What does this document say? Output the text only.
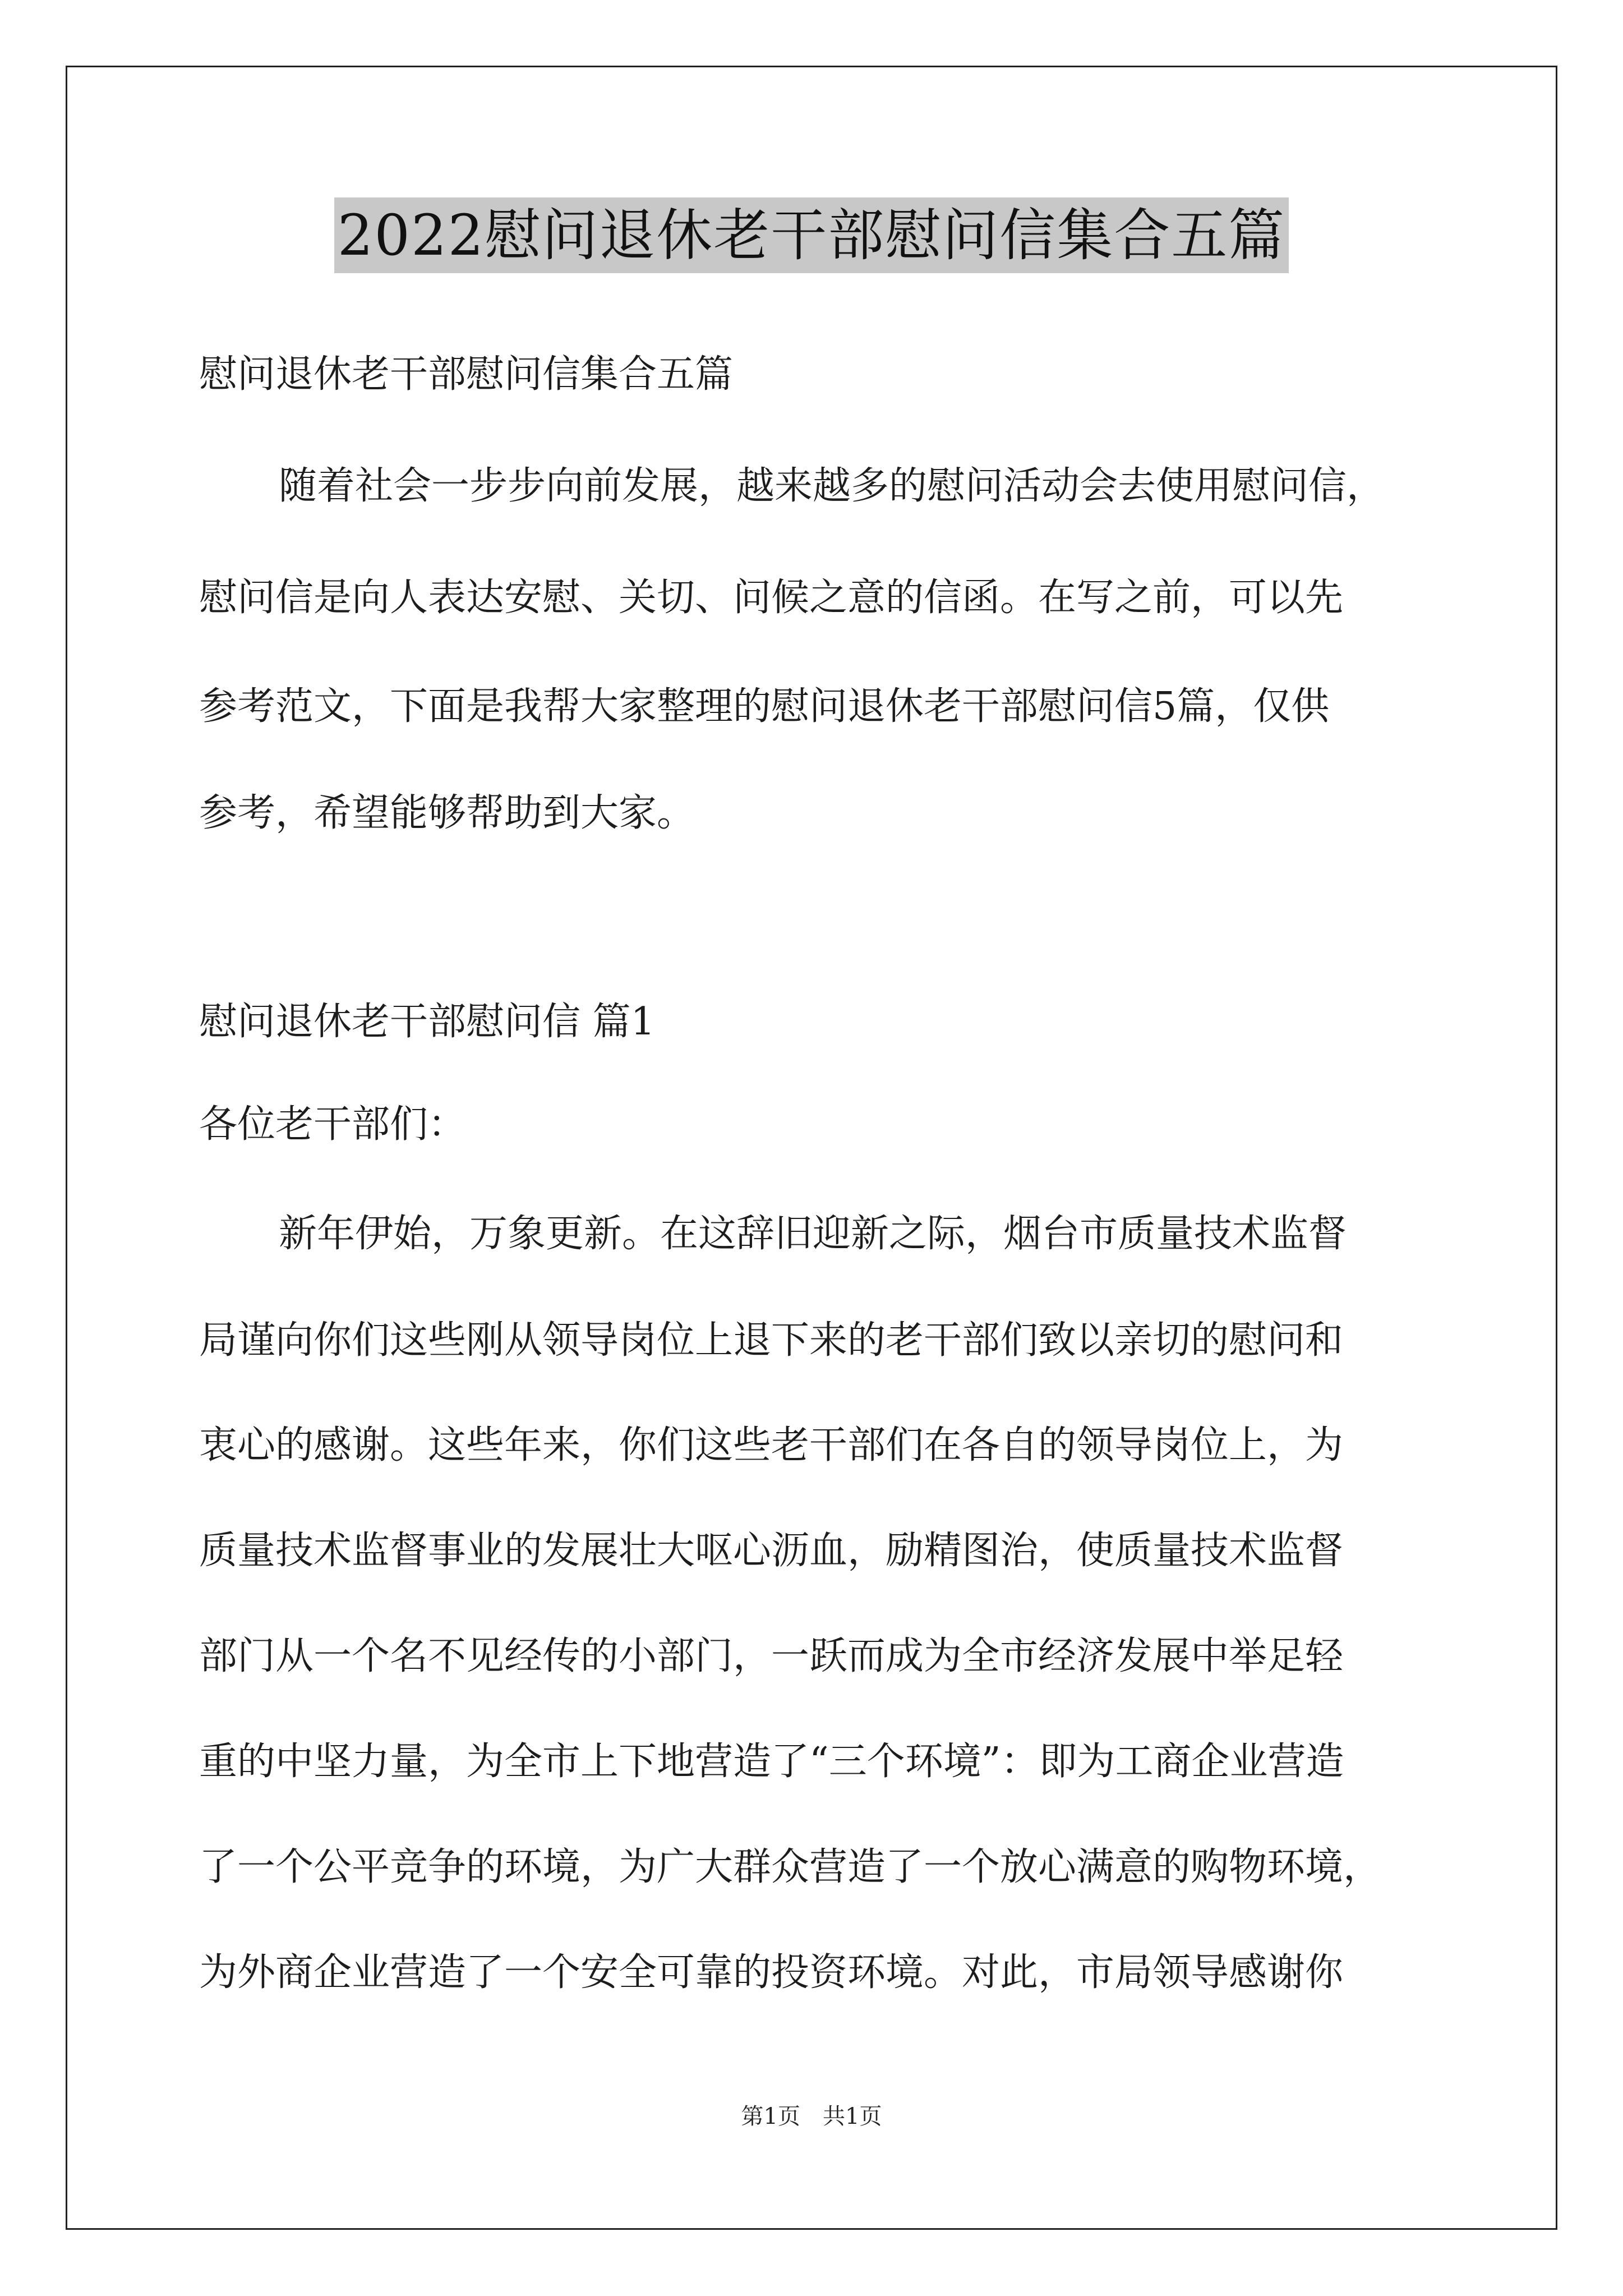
2022慰问退休老干部慰问信集合五篇
慰问退休老干部慰问信集合五篇
随着社会一步步向前发展，越来越多的慰问活动会去使用慰问信，
慰问信是向人表达安慰、关切、问候之意的信函。在写之前，可以先
参考范文，下面是我帮大家整理的慰问退休老干部慰问信5篇，仅供
参考，希望能够帮助到大家。
慰问退休老干部慰问信 篇1
各位老干部们：
新年伊始，万象更新。在这辞旧迎新之际，烟台市质量技术监督
局谨向你们这些刚从领导岗位上退下来的老干部们致以亲切的慰问和
衷心的感谢。这些年来，你们这些老干部们在各自的领导岗位上，为
质量技术监督事业的发展壮大呕心沥血，励精图治，使质量技术监督
部门从一个名不见经传的小部门，一跃而成为全市经济发展中举足轻
重的中坚力量，为全市上下地营造了“三个环境”：即为工商企业营造
了一个公平竞争的环境，为广大群众营造了一个放心满意的购物环境，
为外商企业营造了一个安全可靠的投资环境。对此，市局领导感谢你
第1页　共1页
